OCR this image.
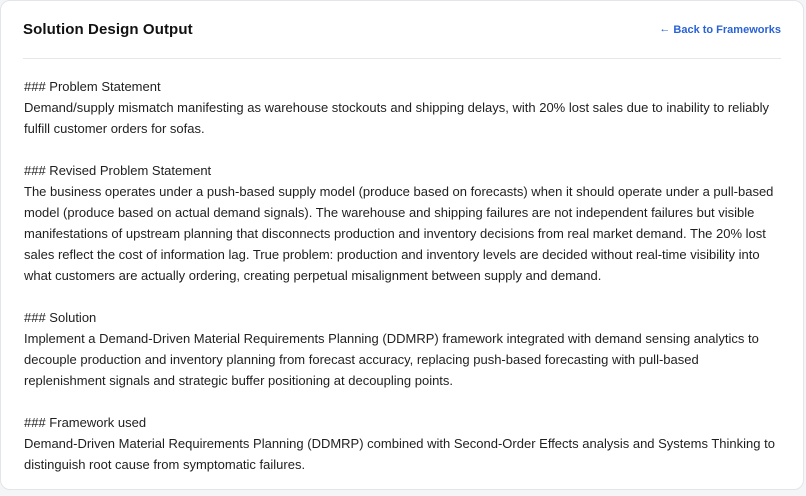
Solution Design Output	← Back to Frameworks
### Problem Statement
Demand/supply mismatch manifesting as warehouse stockouts and shipping delays, with 20% lost sales due to inability to reliably fulfill customer orders for sofas.
### Revised Problem Statement
The business operates under a push-based supply model (produce based on forecasts) when it should operate under a pull-based model (produce based on actual demand signals). The warehouse and shipping failures are not independent failures but visible manifestations of upstream planning that disconnects production and inventory decisions from real market demand. The 20% lost sales reflect the cost of information lag. True problem: production and inventory levels are decided without real-time visibility into what customers are actually ordering, creating perpetual misalignment between supply and demand.
### Solution
Implement a Demand-Driven Material Requirements Planning (DDMRP) framework integrated with demand sensing analytics to decouple production and inventory planning from forecast accuracy, replacing push-based forecasting with pull-based replenishment signals and strategic buffer positioning at decoupling points.
### Framework used
Demand-Driven Material Requirements Planning (DDMRP) combined with Second-Order Effects analysis and Systems Thinking to distinguish root cause from symptomatic failures.
